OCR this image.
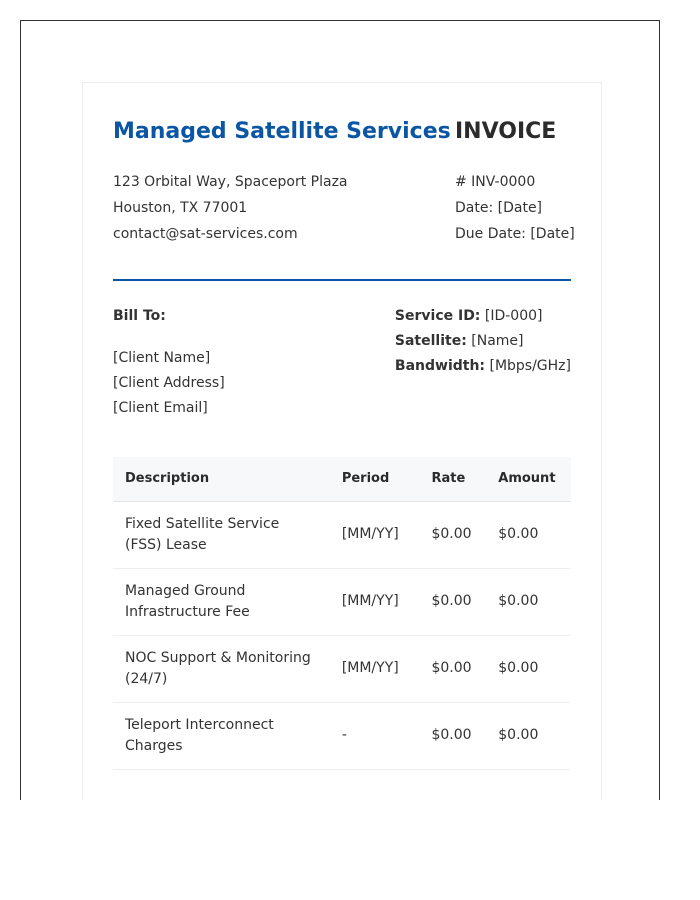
Managed Satellite Services INVOICE
123 Orbital Way, Spaceport Plaza
Houston, TX 77001
contact@sat-services.com
# INV-0000
Date: [Date]
Due Date: [Date]
Bill To:
[Client Name]
[Client Address]
[Client Email]
Service ID: [ID-000]
Satellite: [Name]
Bandwidth: [Mbps/GHz]
Description	Period	Rate	Amount
Fixed Satellite Service (FSS) Lease	[MM/YY]	$0.00	$0.00
Managed Ground Infrastructure Fee	[MM/YY]	$0.00	$0.00
NOC Support & Monitoring (24/7)	[MM/YY]	$0.00	$0.00
Teleport Interconnect Charges	-	$0.00	$0.00
